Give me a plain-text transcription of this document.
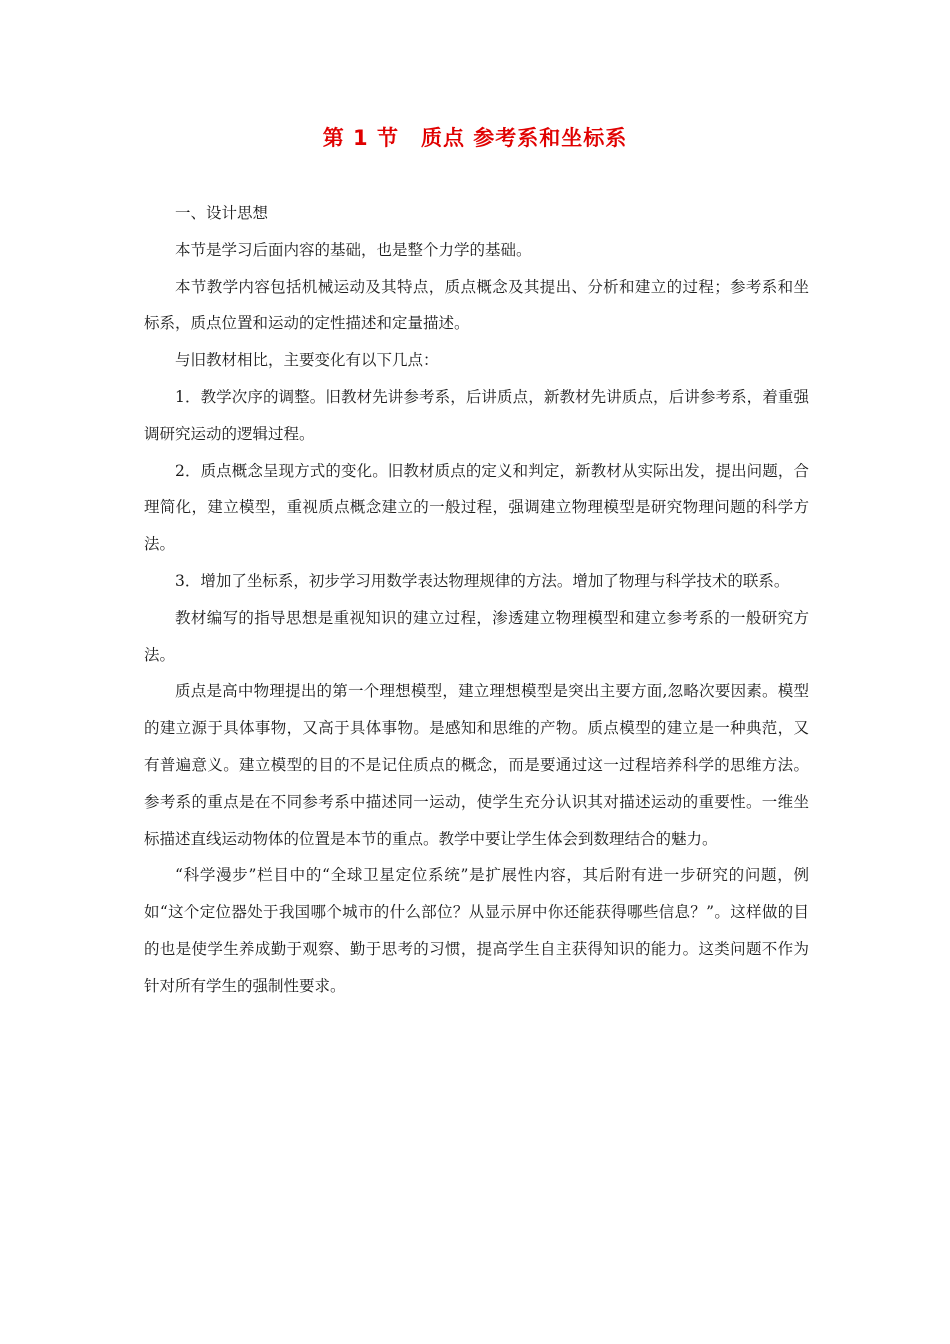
第 1 节　质点 参考系和坐标系

一、设计思想

本节是学习后面内容的基础，也是整个力学的基础。

本节教学内容包括机械运动及其特点，质点概念及其提出、分析和建立的过程；参考系和坐标系，质点位置和运动的定性描述和定量描述。

与旧教材相比，主要变化有以下几点：

1．教学次序的调整。旧教材先讲参考系，后讲质点，新教材先讲质点，后讲参考系，着重强调研究运动的逻辑过程。

2．质点概念呈现方式的变化。旧教材质点的定义和判定，新教材从实际出发，提出问题，合理简化，建立模型，重视质点概念建立的一般过程，强调建立物理模型是研究物理问题的科学方法。

3．增加了坐标系，初步学习用数学表达物理规律的方法。增加了物理与科学技术的联系。

教材编写的指导思想是重视知识的建立过程，渗透建立物理模型和建立参考系的一般研究方法。

质点是高中物理提出的第一个理想模型，建立理想模型是突出主要方面,忽略次要因素。模型的建立源于具体事物，又高于具体事物。是感知和思维的产物。质点模型的建立是一种典范，又有普遍意义。建立模型的目的不是记住质点的概念，而是要通过这一过程培养科学的思维方法。参考系的重点是在不同参考系中描述同一运动，使学生充分认识其对描述运动的重要性。一维坐标描述直线运动物体的位置是本节的重点。教学中要让学生体会到数理结合的魅力。

“科学漫步”栏目中的“全球卫星定位系统”是扩展性内容，其后附有进一步研究的问题，例如“这个定位器处于我国哪个城市的什么部位？从显示屏中你还能获得哪些信息？”。这样做的目的也是使学生养成勤于观察、勤于思考的习惯，提高学生自主获得知识的能力。这类问题不作为针对所有学生的强制性要求。
